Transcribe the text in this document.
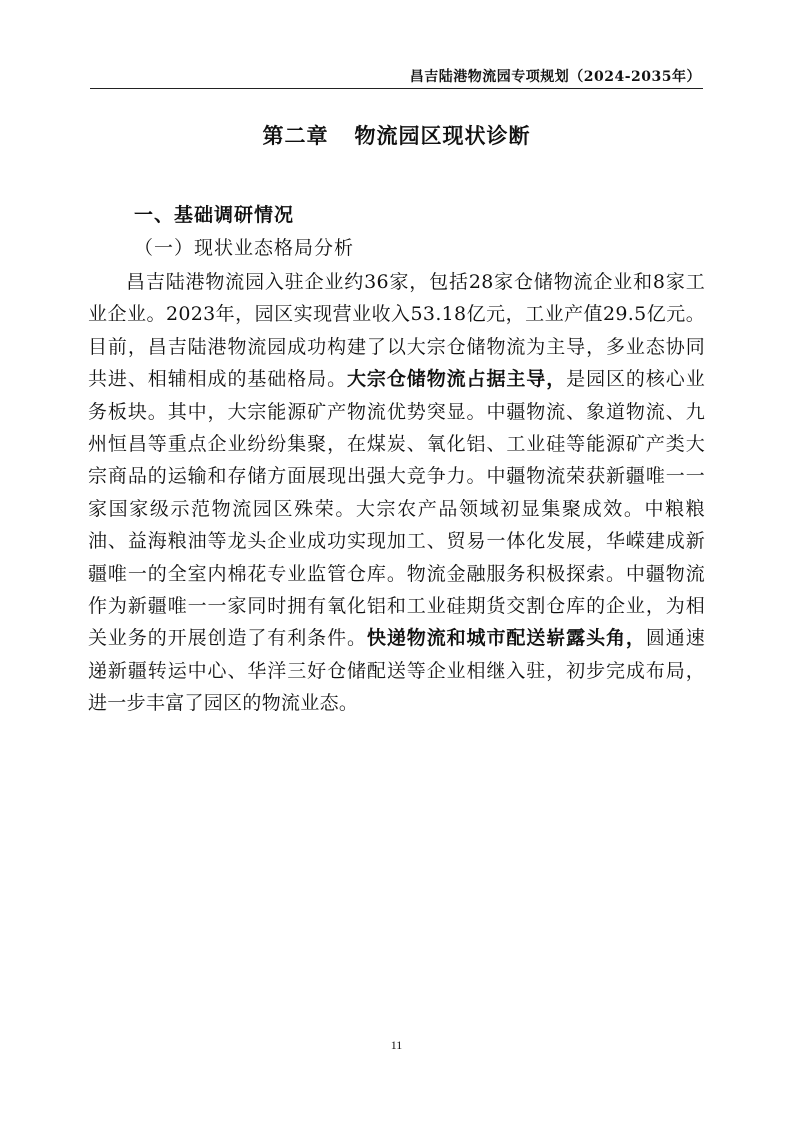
昌吉陆港物流园专项规划（2024-2035年）
第二章 物流园区现状诊断
一、基础调研情况
（一）现状业态格局分析

昌吉陆港物流园入驻企业约36家，包括28家仓储物流企业和8家工业企业。2023年，园区实现营业收入53.18亿元，工业产值29.5亿元。目前，昌吉陆港物流园成功构建了以大宗仓储物流为主导，多业态协同共进、相辅相成的基础格局。大宗仓储物流占据主导，是园区的核心业务板块。其中，大宗能源矿产物流优势突显。中疆物流、象道物流、九州恒昌等重点企业纷纷集聚，在煤炭、氧化铝、工业硅等能源矿产类大宗商品的运输和存储方面展现出强大竞争力。中疆物流荣获新疆唯一一家国家级示范物流园区殊荣。大宗农产品领域初显集聚成效。中粮粮油、益海粮油等龙头企业成功实现加工、贸易一体化发展，华嵘建成新疆唯一的全室内棉花专业监管仓库。物流金融服务积极探索。中疆物流作为新疆唯一一家同时拥有氧化铝和工业硅期货交割仓库的企业，为相关业务的开展创造了有利条件。快递物流和城市配送崭露头角，圆通速递新疆转运中心、华洋三好仓储配送等企业相继入驻，初步完成布局，进一步丰富了园区的物流业态。

11
